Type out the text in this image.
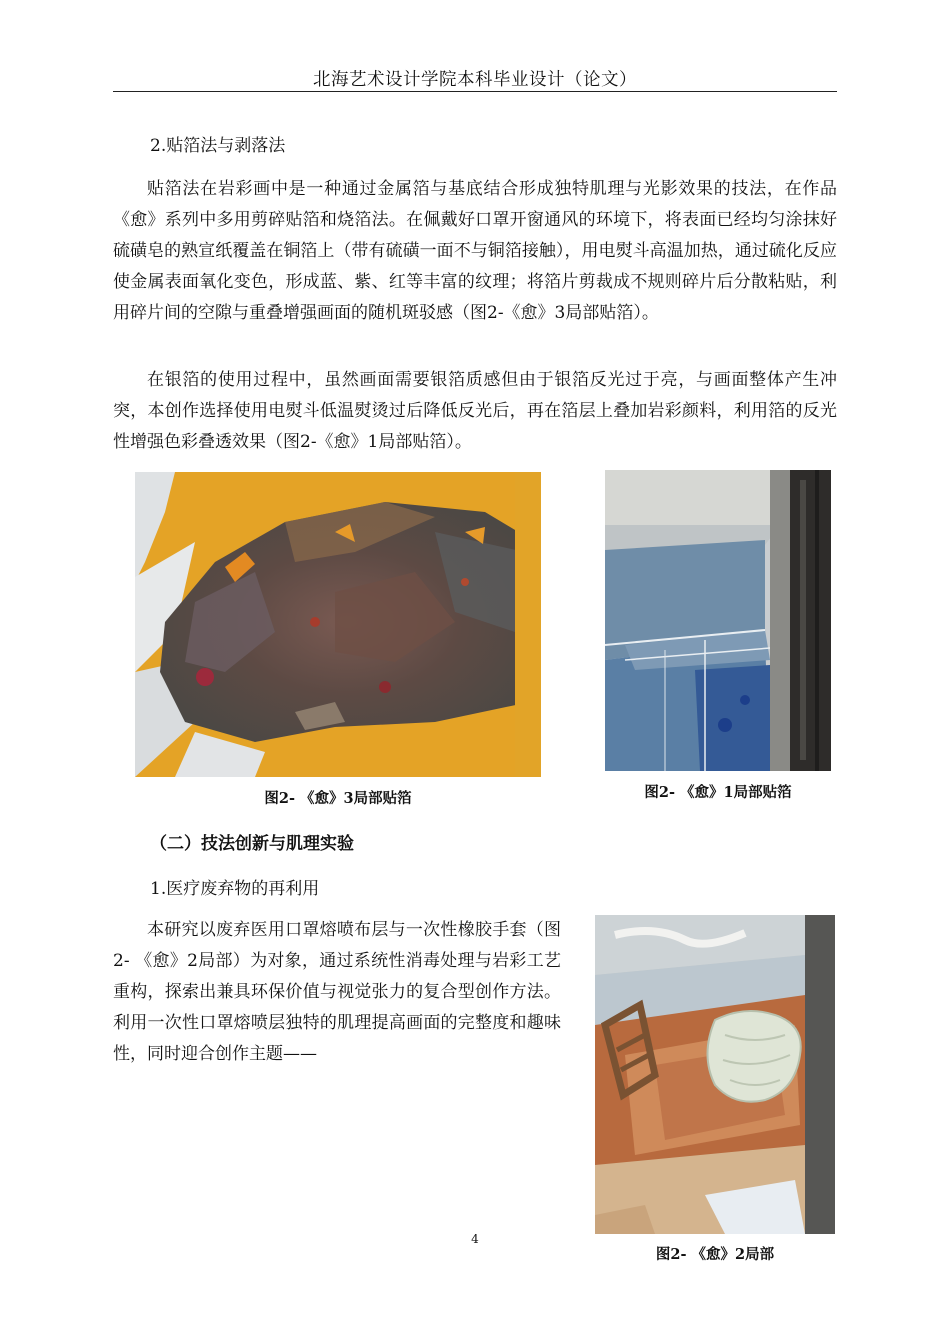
北海艺术设计学院本科毕业设计（论文）
2.贴箔法与剥落法
贴箔法在岩彩画中是一种通过金属箔与基底结合形成独特肌理与光影效果的技法，在作品《愈》系列中多用剪碎贴箔和烧箔法。在佩戴好口罩开窗通风的环境下，将表面已经均匀涂抹好硫磺皂的熟宣纸覆盖在铜箔上（带有硫磺一面不与铜箔接触），用电熨斗高温加热，通过硫化反应使金属表面氧化变色，形成蓝、紫、红等丰富的纹理；将箔片剪裁成不规则碎片后分散粘贴，利用碎片间的空隙与重叠增强画面的随机斑驳感（图2-《愈》3局部贴箔）。
在银箔的使用过程中，虽然画面需要银箔质感但由于银箔反光过于亮，与画面整体产生冲突，本创作选择使用电熨斗低温熨烫过后降低反光后，再在箔层上叠加岩彩颜料，利用箔的反光性增强色彩叠透效果（图2-《愈》1局部贴箔）。
图2- 《愈》3局部贴箔	图2- 《愈》1局部贴箔
（二）技法创新与肌理实验
1.医疗废弃物的再利用
本研究以废弃医用口罩熔喷布层与一次性橡胶手套（图2- 《愈》2局部）为对象，通过系统性消毒处理与岩彩工艺重构，探索出兼具环保价值与视觉张力的复合型创作方法。利用一次性口罩熔喷层独特的肌理提高画面的完整度和趣味性，同时迎合创作主题——
图2- 《愈》2局部
4
